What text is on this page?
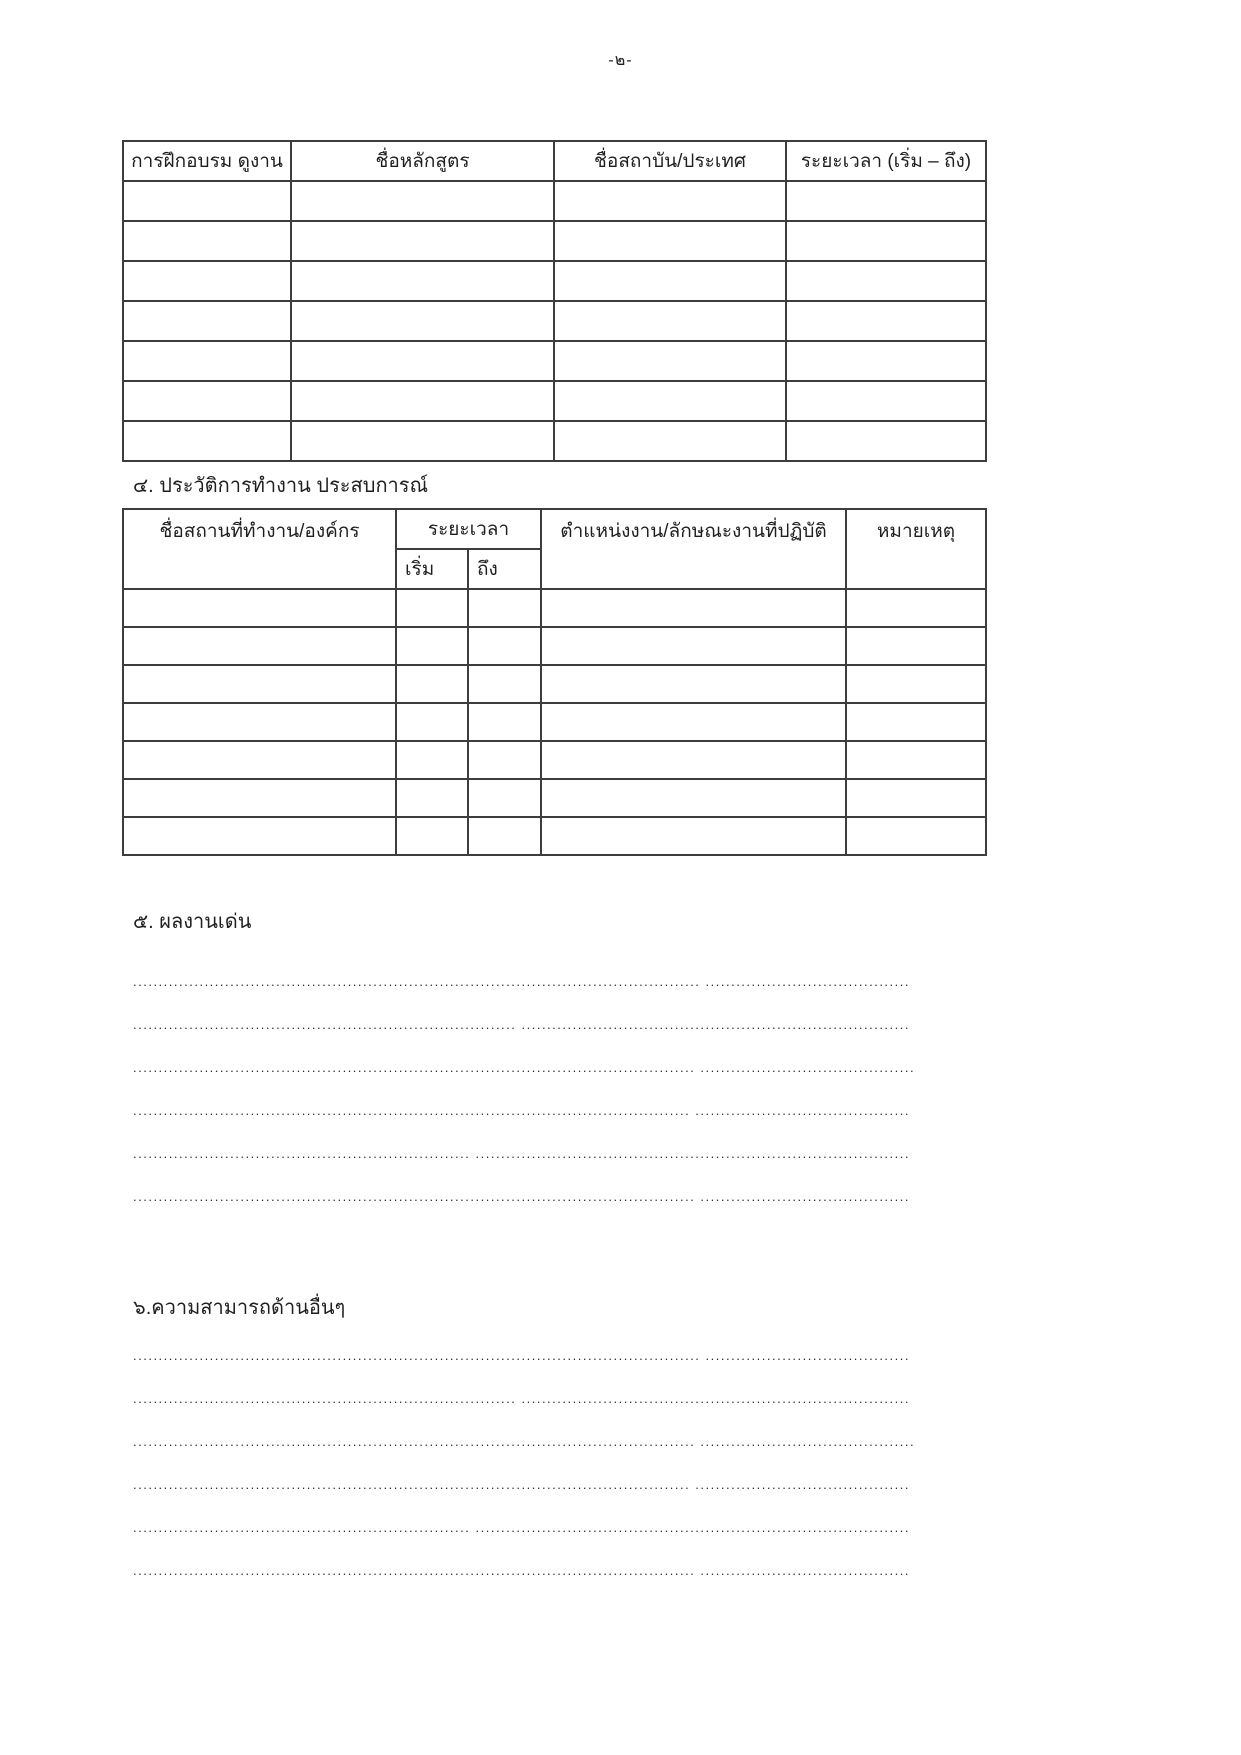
-๒-
การฝึกอบรม ดูงาน	ชื่อหลักสูตร	ชื่อสถาบัน/ประเทศ	ระยะเวลา (เริ่ม – ถึง)

๔. ประวัติการทำงาน ประสบการณ์
ชื่อสถานที่ทำงาน/องค์กร	ระยะเวลา		ตำแหน่งงาน/ลักษณะงานที่ปฏิบัติ	หมายเหตุ
	เริ่ม	ถึง		

๕. ผลงานเด่น
............................................................................................................... ........................................
........................................................................... ............................................................................
.............................................................................................................. ..........................................
............................................................................................................. ..........................................
.................................................................. .....................................................................................
.............................................................................................................. .........................................
๖.ความสามารถด้านอื่นๆ
............................................................................................................... ........................................
........................................................................... ............................................................................
.............................................................................................................. ..........................................
............................................................................................................. ..........................................
.................................................................. .....................................................................................
.............................................................................................................. .........................................
